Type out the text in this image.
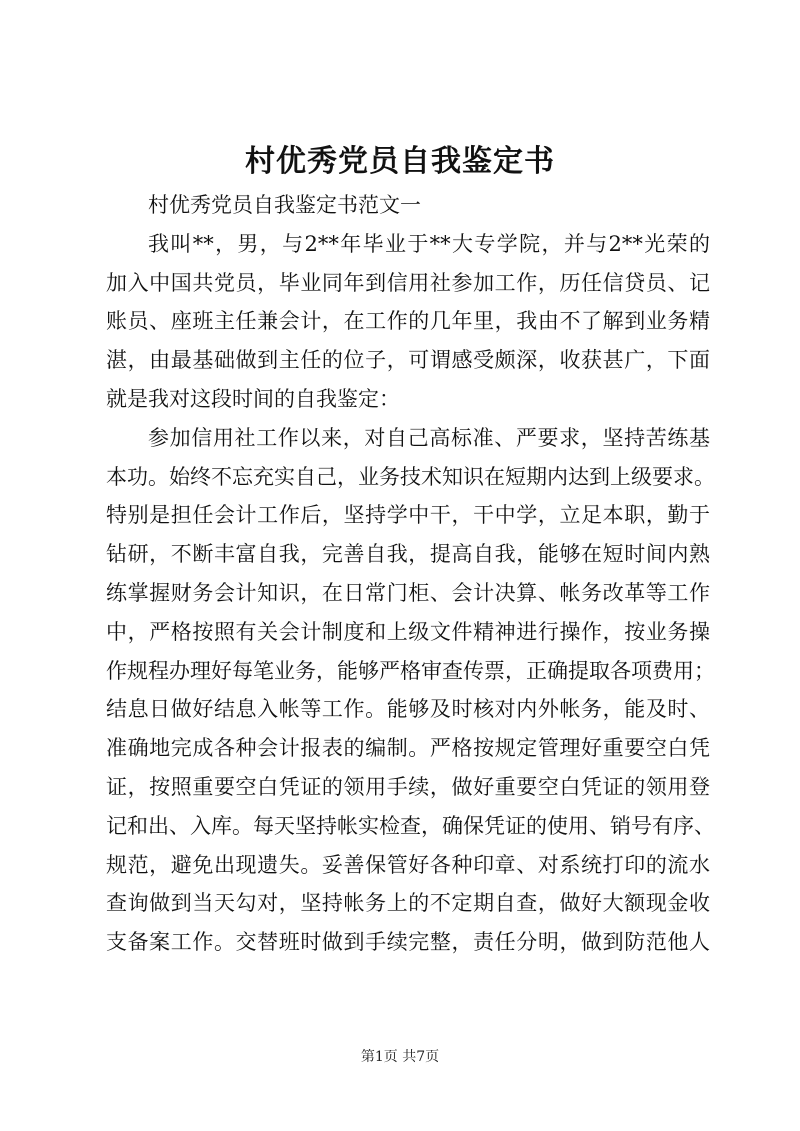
村优秀党员自我鉴定书
村优秀党员自我鉴定书范文一
我叫**，男，与2**年毕业于**大专学院，并与2**光荣的
加入中国共党员，毕业同年到信用社参加工作，历任信贷员、记
账员、座班主任兼会计，在工作的几年里，我由不了解到业务精
湛，由最基础做到主任的位子，可谓感受颇深，收获甚广，下面
就是我对这段时间的自我鉴定：
参加信用社工作以来，对自己高标准、严要求，坚持苦练基
本功。始终不忘充实自己，业务技术知识在短期内达到上级要求。
特别是担任会计工作后，坚持学中干，干中学，立足本职，勤于
钻研，不断丰富自我，完善自我，提高自我，能够在短时间内熟
练掌握财务会计知识，在日常门柜、会计决算、帐务改革等工作
中，严格按照有关会计制度和上级文件精神进行操作，按业务操
作规程办理好每笔业务，能够严格审查传票，正确提取各项费用；
结息日做好结息入帐等工作。能够及时核对内外帐务，能及时、
准确地完成各种会计报表的编制。严格按规定管理好重要空白凭
证，按照重要空白凭证的领用手续，做好重要空白凭证的领用登
记和出、入库。每天坚持帐实检查，确保凭证的使用、销号有序、
规范，避免出现遗失。妥善保管好各种印章、对系统打印的流水
查询做到当天勾对，坚持帐务上的不定期自查，做好大额现金收
支备案工作。交替班时做到手续完整，责任分明，做到防范他人
第1页 共7页
